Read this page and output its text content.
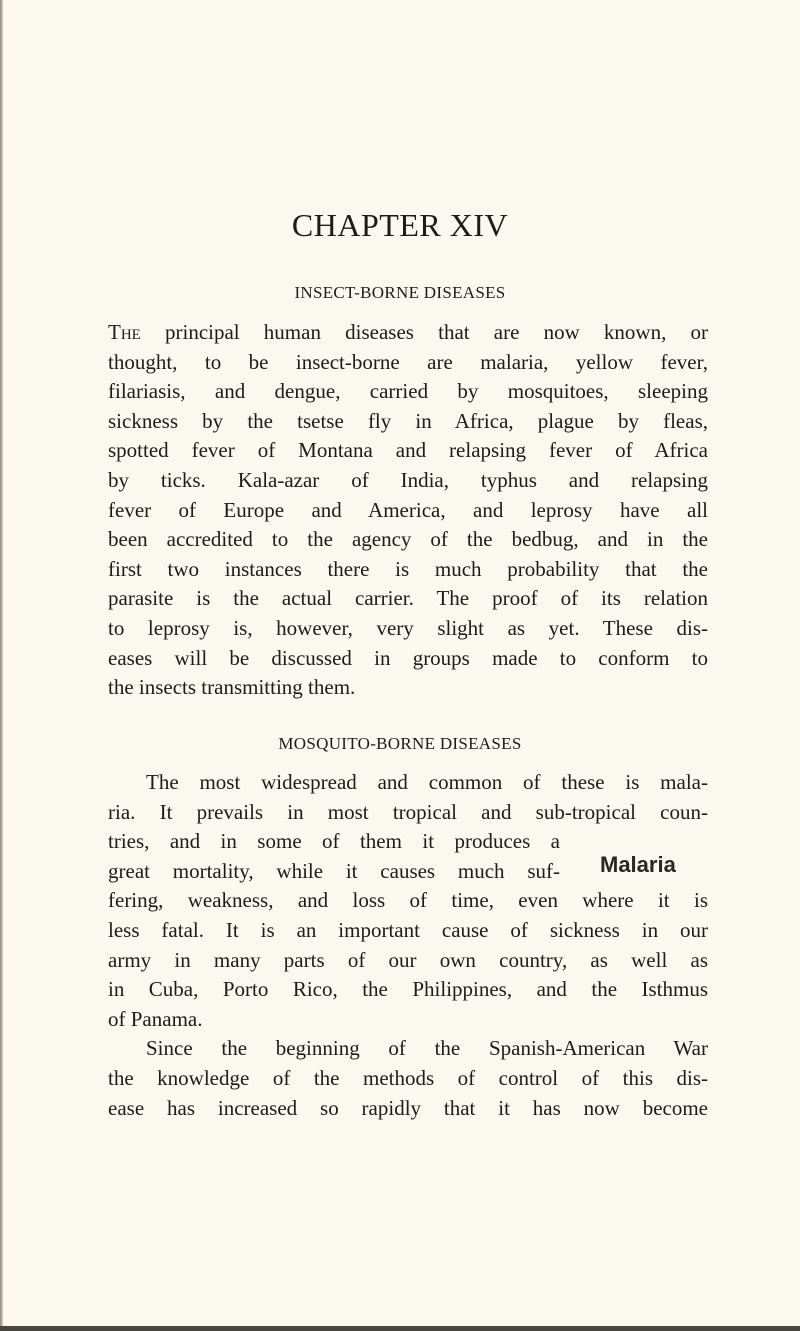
CHAPTER XIV
INSECT-BORNE DISEASES
The principal human diseases that are now known, or
thought, to be insect-borne are malaria, yellow fever,
filariasis, and dengue, carried by mosquitoes, sleeping
sickness by the tsetse fly in Africa, plague by fleas,
spotted fever of Montana and relapsing fever of Africa
by ticks. Kala-azar of India, typhus and relapsing
fever of Europe and America, and leprosy have all
been accredited to the agency of the bedbug, and in the
first two instances there is much probability that the
parasite is the actual carrier. The proof of its relation
to leprosy is, however, very slight as yet. These dis-
eases will be discussed in groups made to conform to
the insects transmitting them.
MOSQUITO-BORNE DISEASES
Malaria
The most widespread and common of these is mala-
ria. It prevails in most tropical and sub-tropical coun-
tries, and in some of them it produces a
great mortality, while it causes much suf-
fering, weakness, and loss of time, even where it is
less fatal. It is an important cause of sickness in our
army in many parts of our own country, as well as
in Cuba, Porto Rico, the Philippines, and the Isthmus
of Panama.
Since the beginning of the Spanish-American War
the knowledge of the methods of control of this dis-
ease has increased so rapidly that it has now become
